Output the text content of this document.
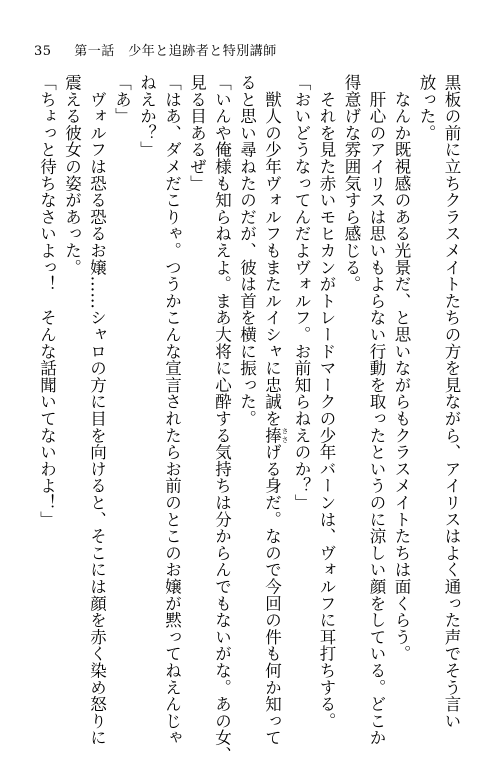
35 第一話　少年と追跡者と特別講師

黒板の前に立ちクラスメイトたちの方を見ながら、アイリスはよく通った声でそう言い

放った。

　なんか既視感のある光景だ、と思いながらもクラスメイトたちは面くらう。

　肝心のアイリスは思いもよらない行動を取ったというのに涼しい顔をしている。どこか

得意げな雰囲気すら感じる。

　それを見た赤いモヒカンがトレードマークの少年バーンは、ヴォルフに耳打ちする。

「おいどうなってんだよヴォルフ。お前知らねえのか？」

　獣人の少年ヴォルフもまたルイシャに忠誠を捧 ささげる身だ。なので今回の件も何か知って

ると思い尋ねたのだが、彼は首を横に振った。

「いんや俺様も知らねえよ。まあ大将に心酔する気持ちは分からんでもないがな。あの女、

見る目あるぜ」

「はあ、ダメだこりゃ。つうかこんな宣言されたらお前のとこのお嬢が黙ってねえんじゃ

ねえか？」

「あ」

　ヴォルフは恐る恐るお嬢……シャロの方に目を向けると、そこには顔を赤く染め怒りに

震える彼女の姿があった。

「ちょっと待ちなさいよっ！　そんな話聞いてないわよ！」
